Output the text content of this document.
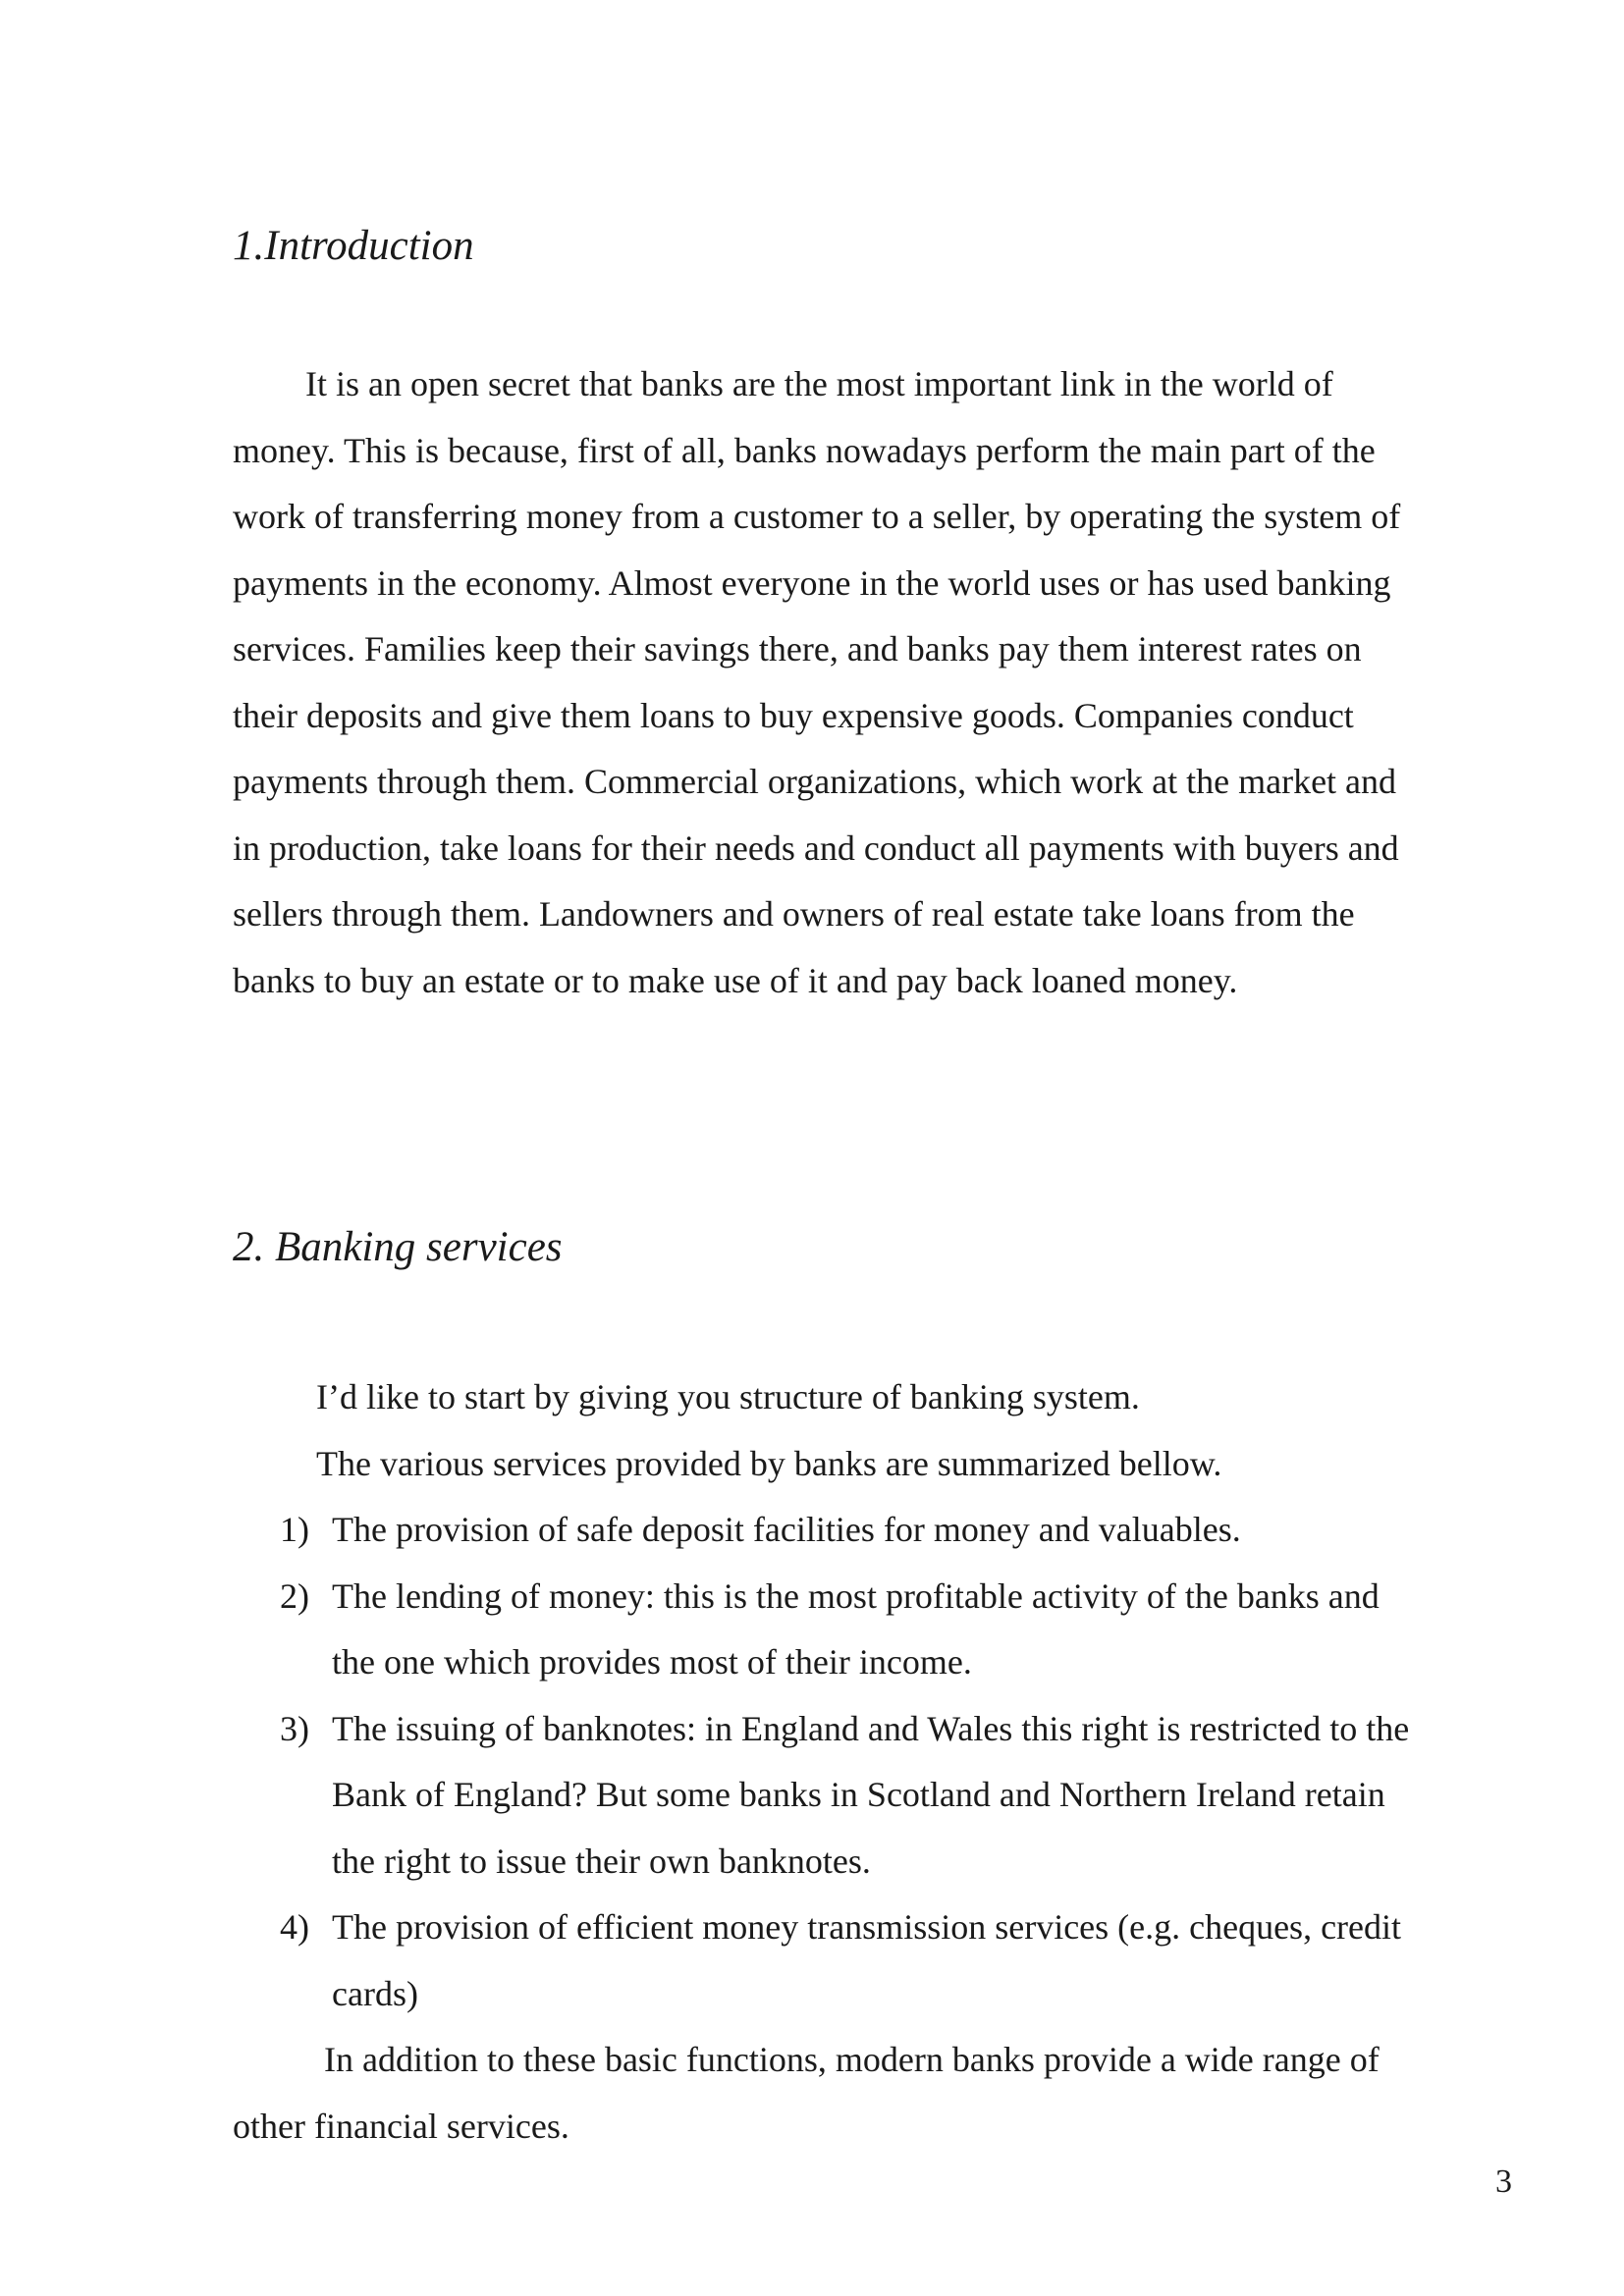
1.Introduction
It is an open secret that banks are the most important link in the world of
money. This is because, first of all, banks nowadays perform the main part of the
work of transferring money from a customer to a seller, by operating the system of
payments in the economy. Almost everyone in the world uses or has used banking
services. Families keep their savings there, and banks pay them interest rates on
their deposits and give them loans to buy expensive goods. Companies conduct
payments through them. Commercial organizations, which work at the market and
in production, take loans for their needs and conduct all payments with buyers and
sellers through them. Landowners and owners of real estate take loans from the
banks to buy an estate or to make use of it and pay back loaned money.
2. Banking services
I’d like to start by giving you structure of banking system.
The various services provided by banks are summarized bellow.
1) The provision of safe deposit facilities for money and valuables.
2) The lending of money: this is the most profitable activity of the banks and
the one which provides most of their income.
3) The issuing of banknotes: in England and Wales this right is restricted to the
Bank of England? But some banks in Scotland and Northern Ireland retain
the right to issue their own banknotes.
4) The provision of efficient money transmission services (e.g. cheques, credit
cards)
In addition to these basic functions, modern banks provide a wide range of
other financial services.
3
